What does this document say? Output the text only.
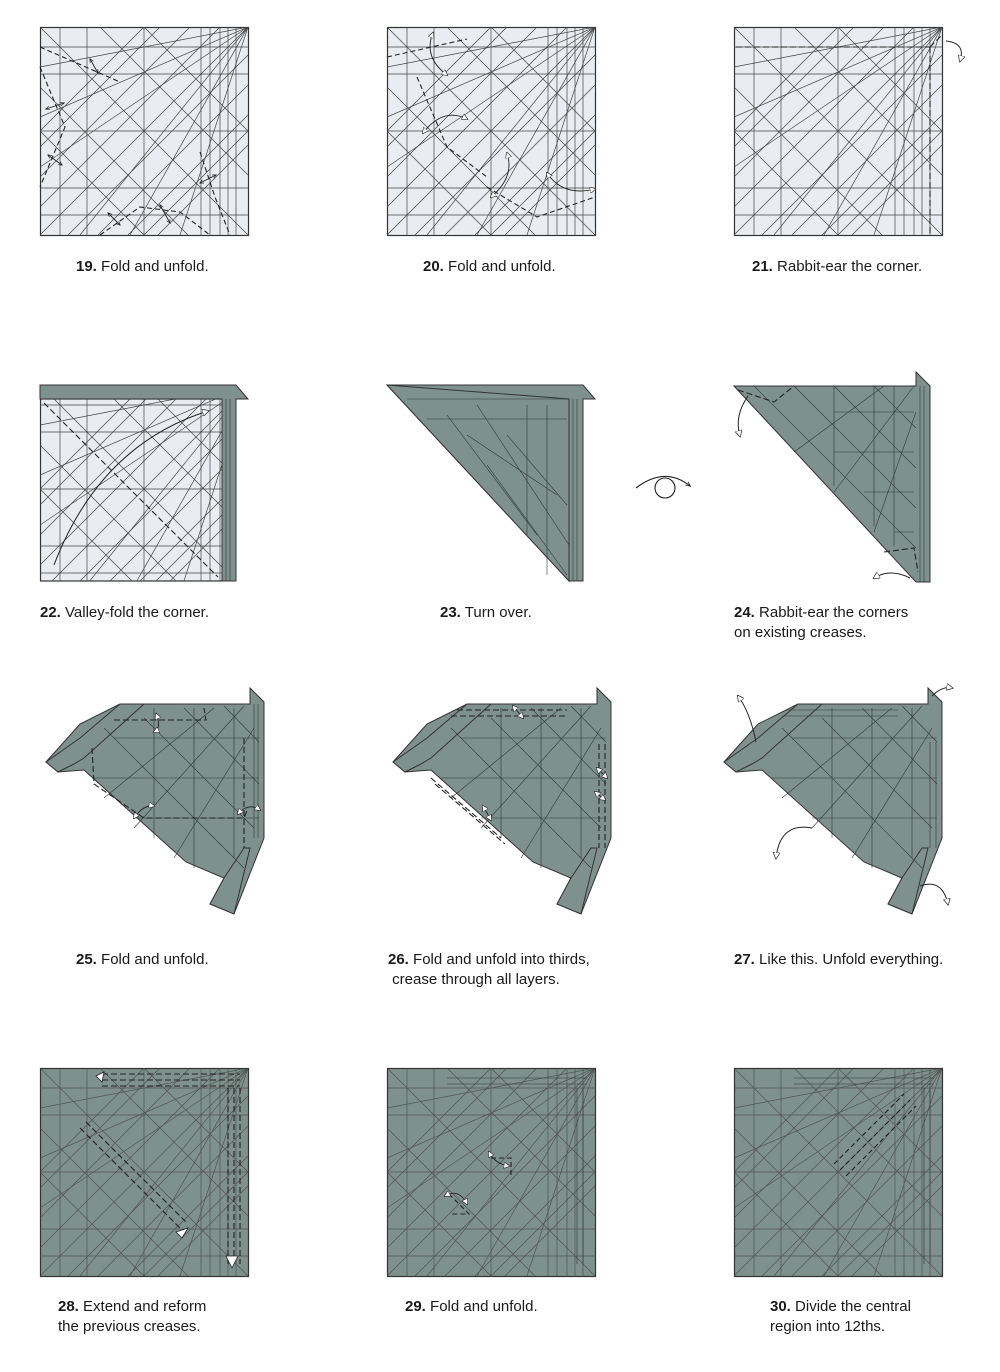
19. Fold and unfold.	20. Fold and unfold.	21. Rabbit-ear the corner.
22. Valley-fold the corner.	23. Turn over.	24. Rabbit-ear the corners
on existing creases.
25. Fold and unfold.	26. Fold and unfold into thirds,
crease through all layers.
27. Like this. Unfold everything.
28. Extend and reform
the previous creases.
29. Fold and unfold.	30. Divide the central
region into 12ths.
